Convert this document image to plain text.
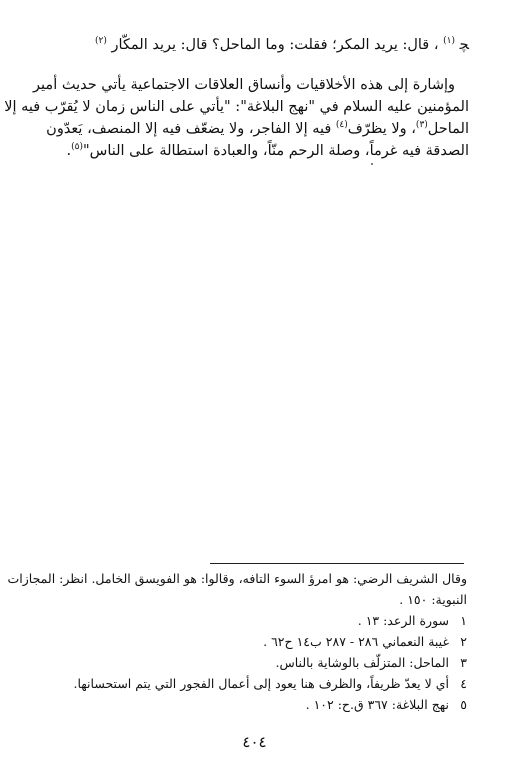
ﭽ $^{(١)}$ ، قال: يريد المكر؛ فقلت: وما الماحل؟ قال: يريد المكّار $^{(٢)}$
وإشارة إلى هذه الأخلاقيات وأنساق العلاقات الاجتماعية يأتي حديث أمير
المؤمنين عليه السلام في "نهج البلاغة": "يأتي على الناس زمان لا يُقرّب فيه إلا
الماحل$^{(٣)}$، ولا يظرّف$^{(٤)}$ فيه إلا الفاجر، ولا يضعّف فيه إلا المنصف، يَعدّون
الصدقة فيه غرماً، وصلة الرحم منّاً، والعبادة استطالة على الناس"$^{(٥)}$.
وقال الشريف الرضي: هو امرؤ السوء التافه، وقالوا: هو الفويسق الخامل. انظر: المجازات
النبوية: ١٥٠ .
١
سورة الرعد: ١٣ .
٢
غيبة النعماني ٢٨٦ - ٢٨٧ ب١٤ ح٦٢ .
٣
الماحل: المتزلّف بالوشاية بالناس.
٤
أي لا يعدّ ظريفاً، والظرف هنا يعود إلى أعمال الفجور التي يتم استحسانها.
٥
نهج البلاغة: ٣٦٧ ق.ح: ١٠٢ .
٤٠٤
